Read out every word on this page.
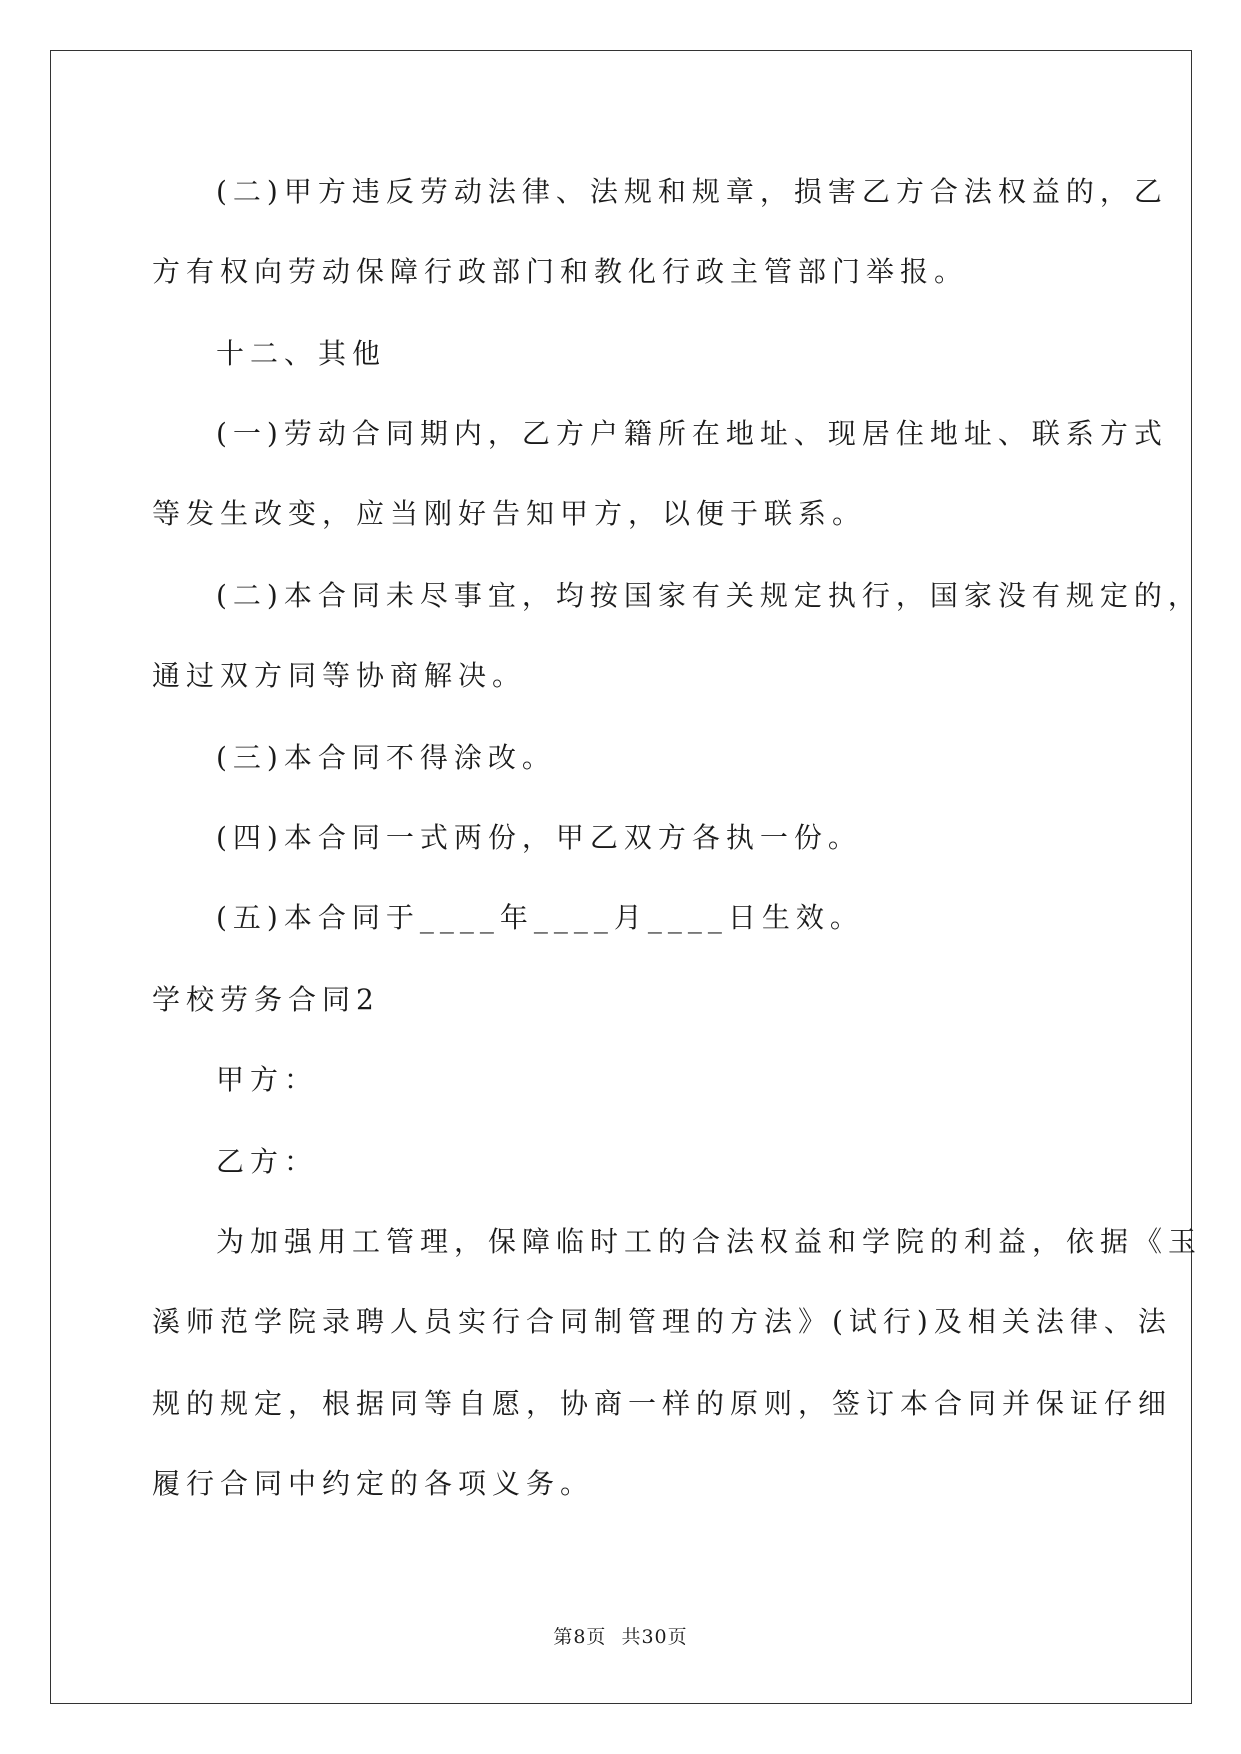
(二)甲方违反劳动法律、法规和规章，损害乙方合法权益的，乙
方有权向劳动保障行政部门和教化行政主管部门举报。
十二、其他
(一)劳动合同期内，乙方户籍所在地址、现居住地址、联系方式
等发生改变，应当刚好告知甲方，以便于联系。
(二)本合同未尽事宜，均按国家有关规定执行，国家没有规定的，
通过双方同等协商解决。
(三)本合同不得涂改。
(四)本合同一式两份，甲乙双方各执一份。
(五)本合同于____年____月____日生效。
学校劳务合同2
甲方：
乙方：
为加强用工管理，保障临时工的合法权益和学院的利益，依据《玉
溪师范学院录聘人员实行合同制管理的方法》(试行)及相关法律、法
规的规定，根据同等自愿，协商一样的原则，签订本合同并保证仔细
履行合同中约定的各项义务。
第8页 共30页
